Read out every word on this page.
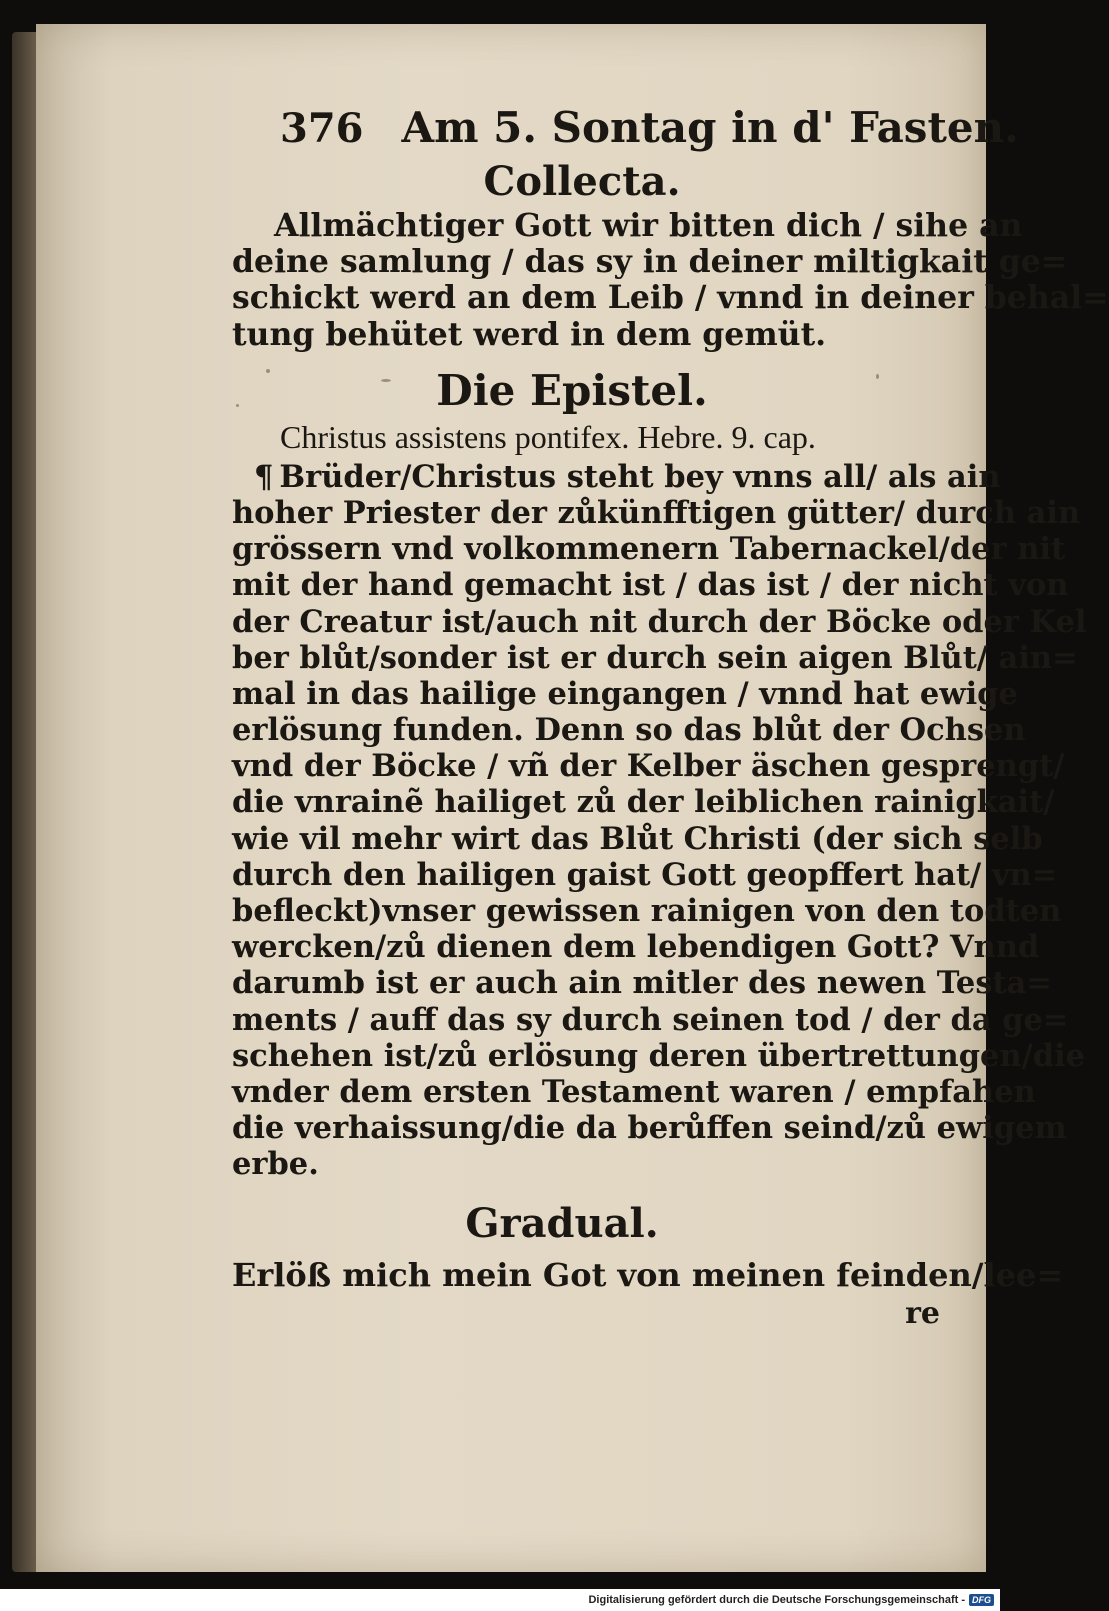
376 Am 5. Sontag in d' Fasten.
Collecta.
Allmächtiger Gott wir bitten dich / sihe an
deine samlung / das sy in deiner miltigkait ge=
schickt werd an dem Leib / vnnd in deiner behal=
tung behütet werd in dem gemüt.
Die Epistel.
Christus assistens pontifex. Hebre. 9. cap.
¶ Brüder/Christus steht bey vnns all/ als ain
hoher Priester der zůkünfftigen gütter/ durch ain
grössern vnd volkommenern Tabernackel/der nit
mit der hand gemacht ist / das ist / der nicht von
der Creatur ist/auch nit durch der Böcke oder Kel
ber blůt/sonder ist er durch sein aigen Blůt/ ain=
mal in das hailige eingangen / vnnd hat ewige
erlösung funden. Denn so das blůt der Ochsen
vnd der Böcke / vñ der Kelber äschen gesprengt/
die vnrainẽ hailiget zů der leiblichen rainigkait/
wie vil mehr wirt das Blůt Christi (der sich selb
durch den hailigen gaist Gott geopffert hat/ vn=
befleckt)vnser gewissen rainigen von den todten
wercken/zů dienen dem lebendigen Gott? Vnnd
darumb ist er auch ain mitler des newen Testa=
ments / auff das sy durch seinen tod / der da ge=
schehen ist/zů erlösung deren übertrettungen/die
vnder dem ersten Testament waren / empfahen
die verhaissung/die da berůffen seind/zů ewigem
erbe.
Gradual.
Erlöß mich mein Got von meinen feinden/lee=
re
Digitalisierung gefördert durch die Deutsche Forschungsgemeinschaft - DFG
